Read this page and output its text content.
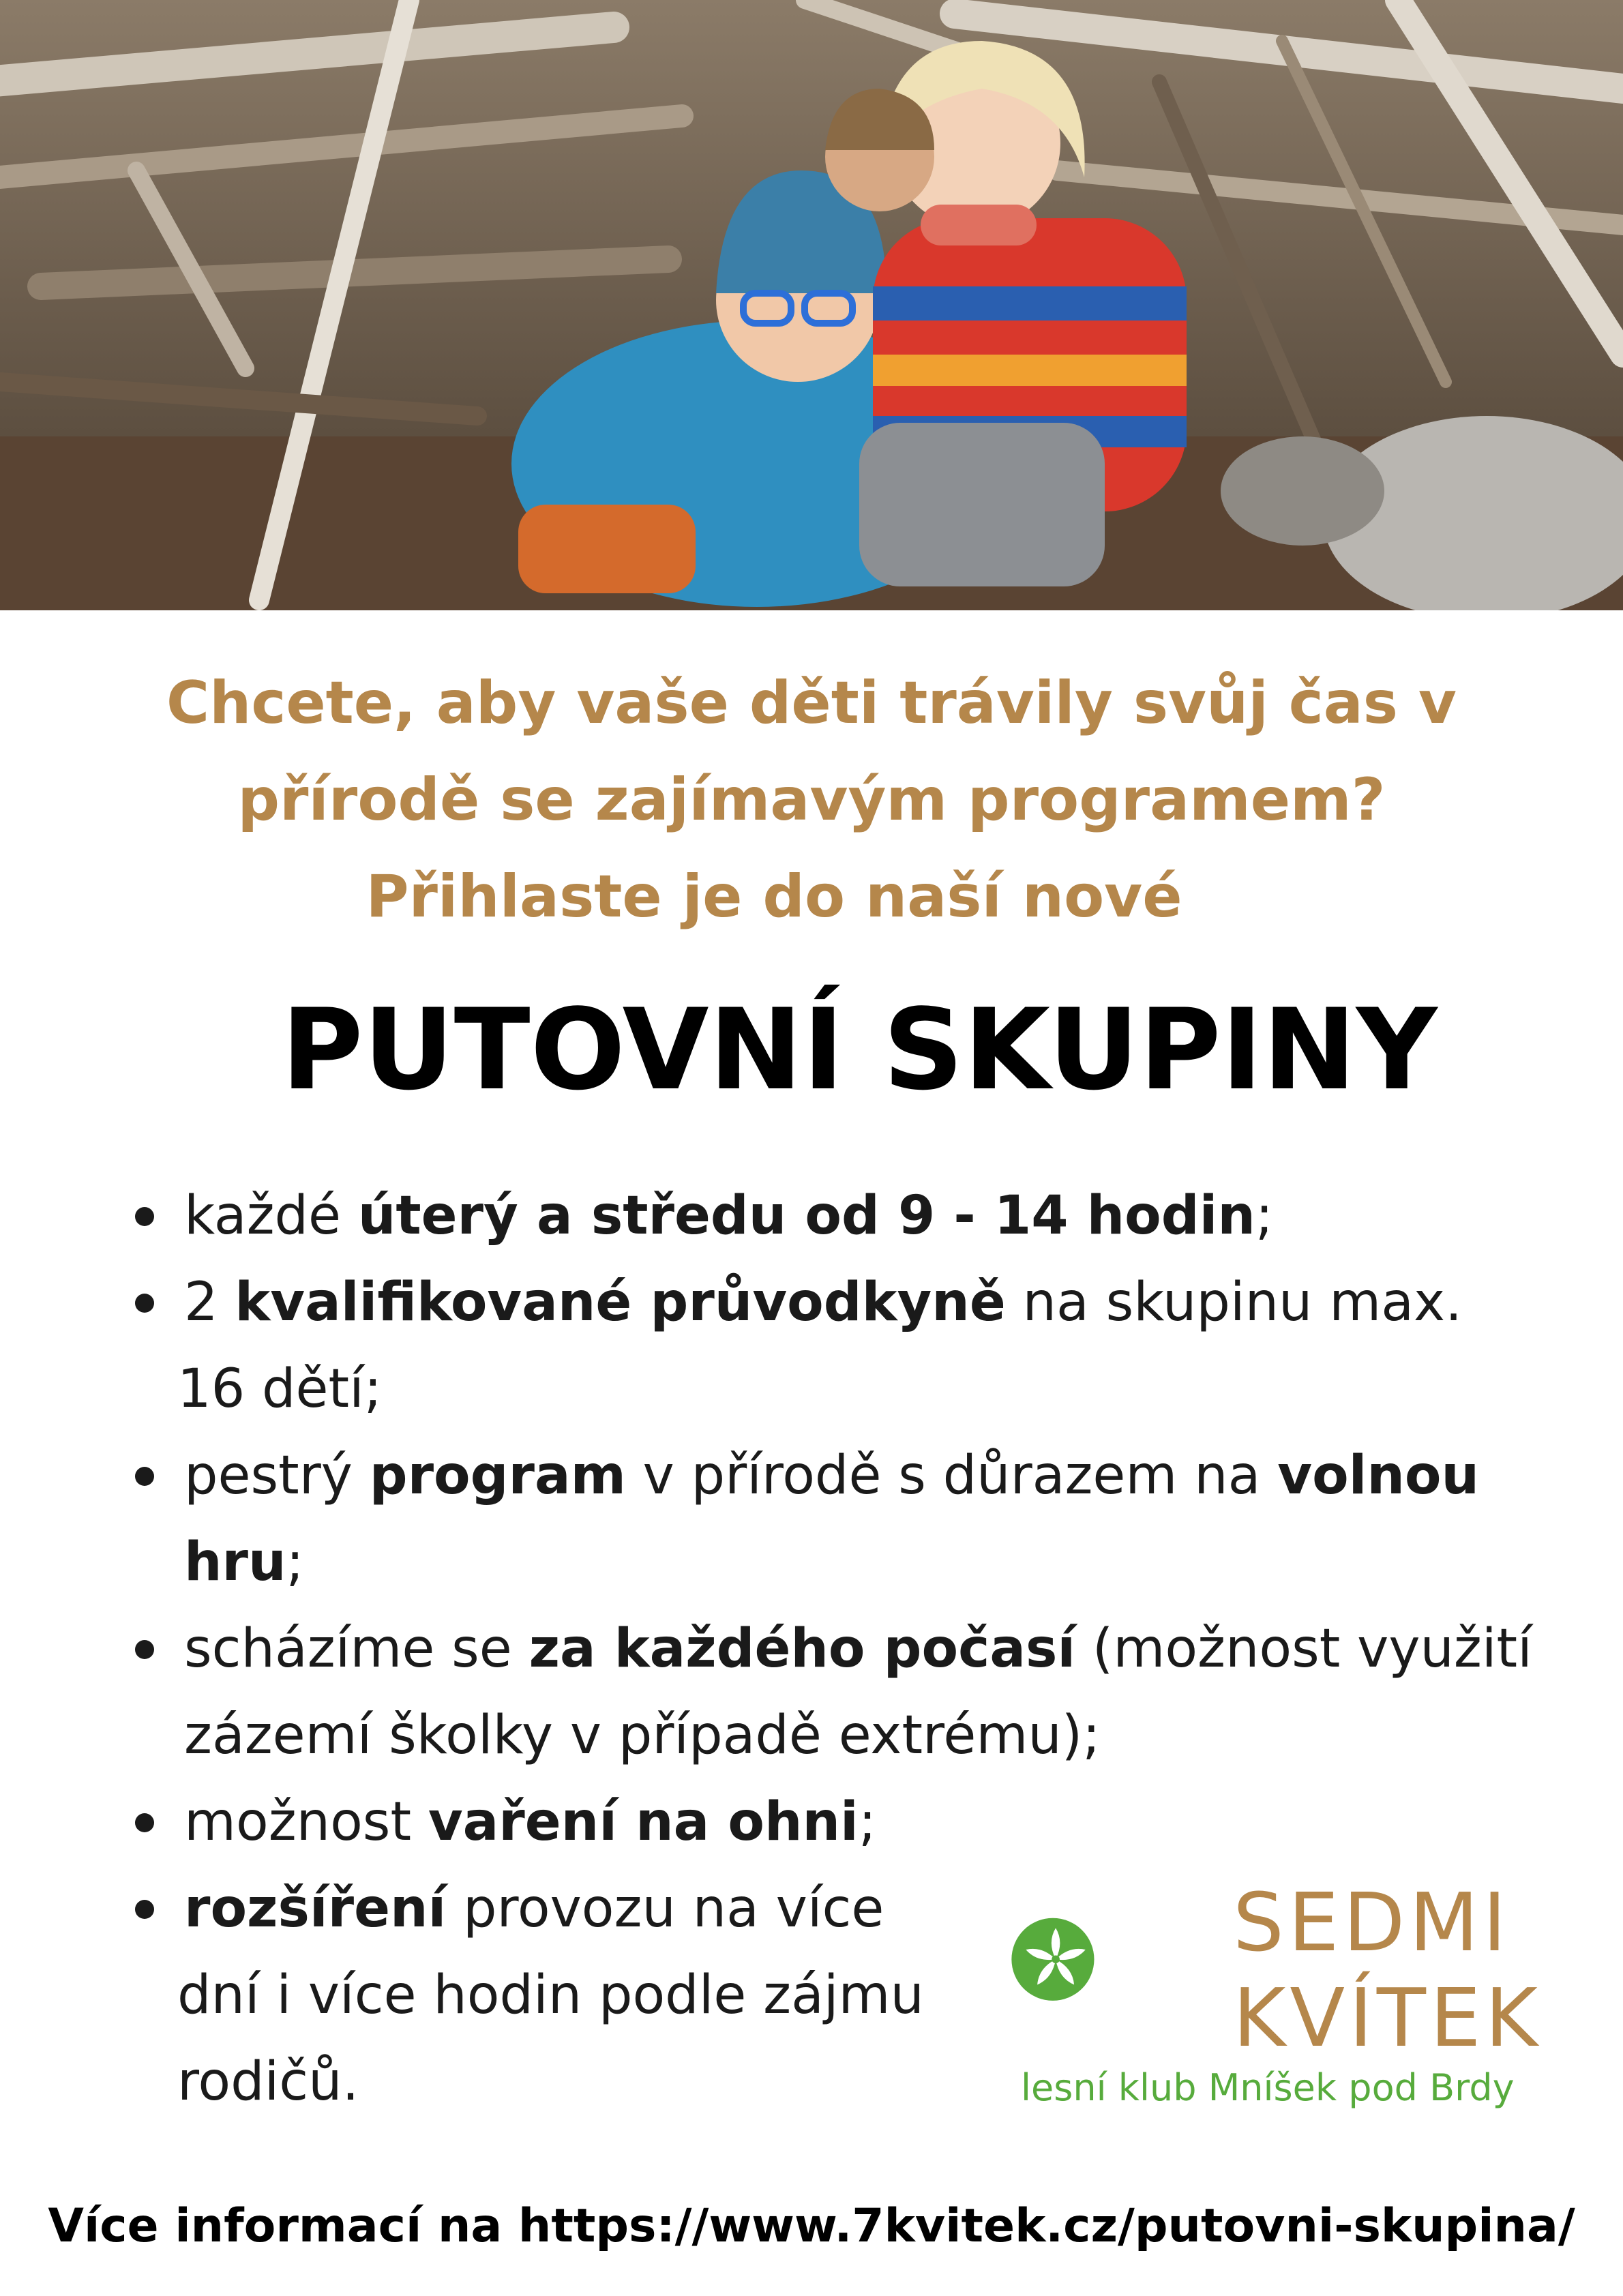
Chcete, aby vaše děti trávily svůj čas v
přírodě se zajímavým programem?
Přihlaste je do naší nové
PUTOVNÍ SKUPINY
každé úterý a středu od 9 - 14 hodin;
2 kvalifikované průvodkyně na skupinu max.
16 dětí;
pestrý program v přírodě s důrazem na volnou
hru;
scházíme se za každého počasí (možnost využití
zázemí školky v případě extrému);
možnost vaření na ohni;
rozšíření provozu na více
dní i více hodin podle zájmu
rodičů.
SEDMI
KVÍTEK
lesní klub Mníšek pod Brdy
Více informací na https://www.7kvitek.cz/putovni-skupina/
